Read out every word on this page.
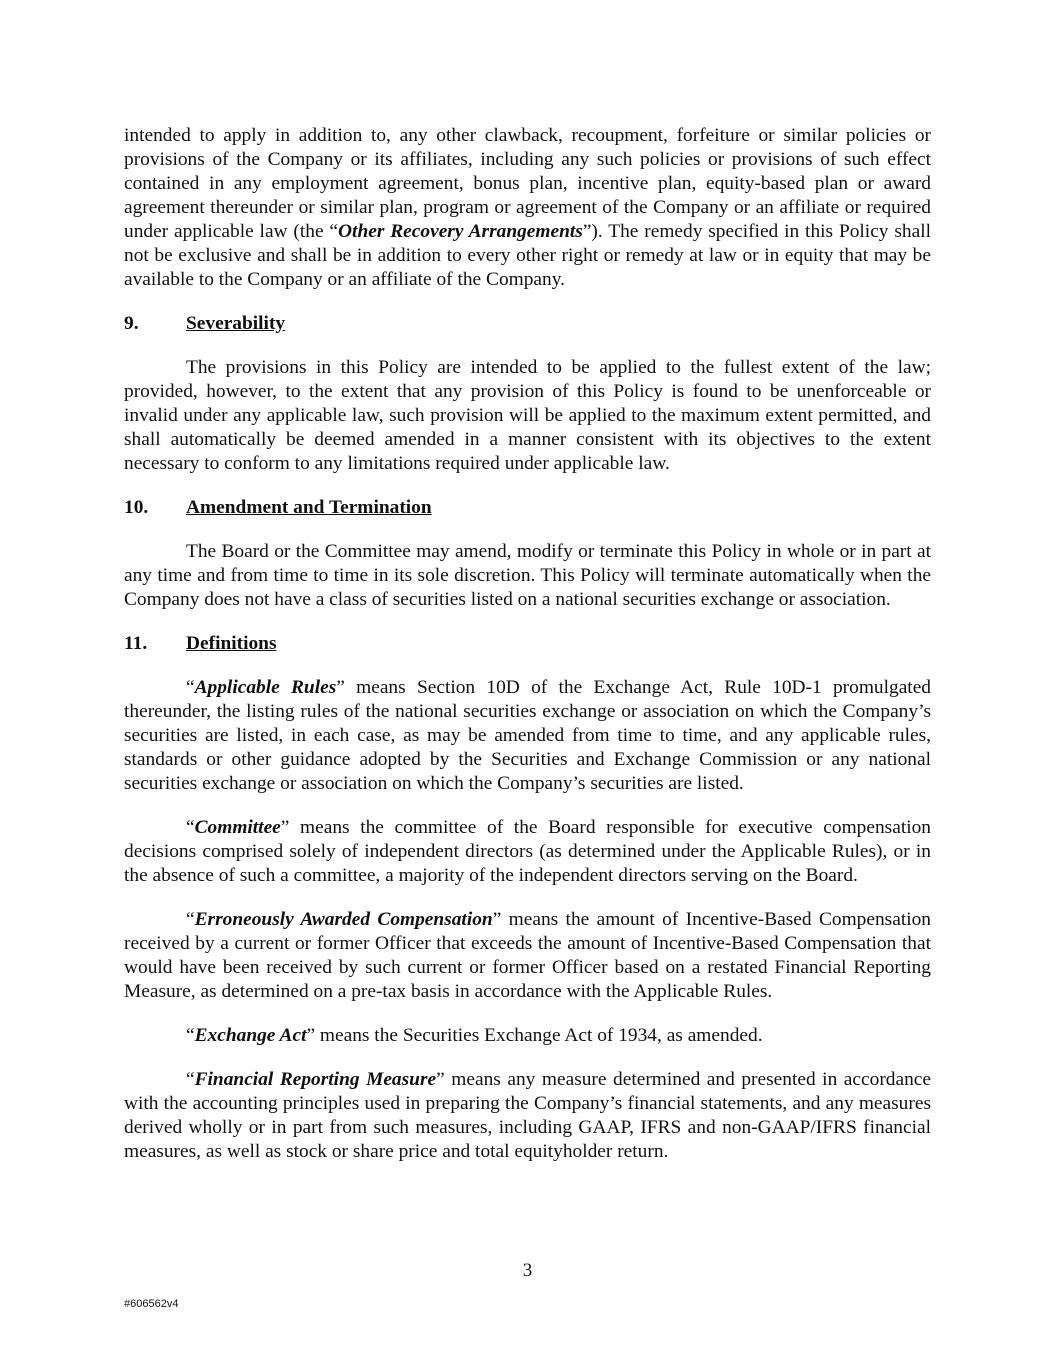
intended to apply in addition to, any other clawback, recoupment, forfeiture or similar policies or provisions of the Company or its affiliates, including any such policies or provisions of such effect contained in any employment agreement, bonus plan, incentive plan, equity-based plan or award agreement thereunder or similar plan, program or agreement of the Company or an affiliate or required under applicable law (the “Other Recovery Arrangements”). The remedy specified in this Policy shall not be exclusive and shall be in addition to every other right or remedy at law or in equity that may be available to the Company or an affiliate of the Company.

9.	Severability

The provisions in this Policy are intended to be applied to the fullest extent of the law; provided, however, to the extent that any provision of this Policy is found to be unenforceable or invalid under any applicable law, such provision will be applied to the maximum extent permitted, and shall automatically be deemed amended in a manner consistent with its objectives to the extent necessary to conform to any limitations required under applicable law.

10.	Amendment and Termination

The Board or the Committee may amend, modify or terminate this Policy in whole or in part at any time and from time to time in its sole discretion. This Policy will terminate automatically when the Company does not have a class of securities listed on a national securities exchange or association.

11.	Definitions

“Applicable Rules” means Section 10D of the Exchange Act, Rule 10D-1 promulgated thereunder, the listing rules of the national securities exchange or association on which the Company’s securities are listed, in each case, as may be amended from time to time, and any applicable rules, standards or other guidance adopted by the Securities and Exchange Commission or any national securities exchange or association on which the Company’s securities are listed.

“Committee” means the committee of the Board responsible for executive compensation decisions comprised solely of independent directors (as determined under the Applicable Rules), or in the absence of such a committee, a majority of the independent directors serving on the Board.

“Erroneously Awarded Compensation” means the amount of Incentive-Based Compensation received by a current or former Officer that exceeds the amount of Incentive-Based Compensation that would have been received by such current or former Officer based on a restated Financial Reporting Measure, as determined on a pre-tax basis in accordance with the Applicable Rules.

“Exchange Act” means the Securities Exchange Act of 1934, as amended.

“Financial Reporting Measure” means any measure determined and presented in accordance with the accounting principles used in preparing the Company’s financial statements, and any measures derived wholly or in part from such measures, including GAAP, IFRS and non-GAAP/IFRS financial measures, as well as stock or share price and total equityholder return.

3
#606562v4
